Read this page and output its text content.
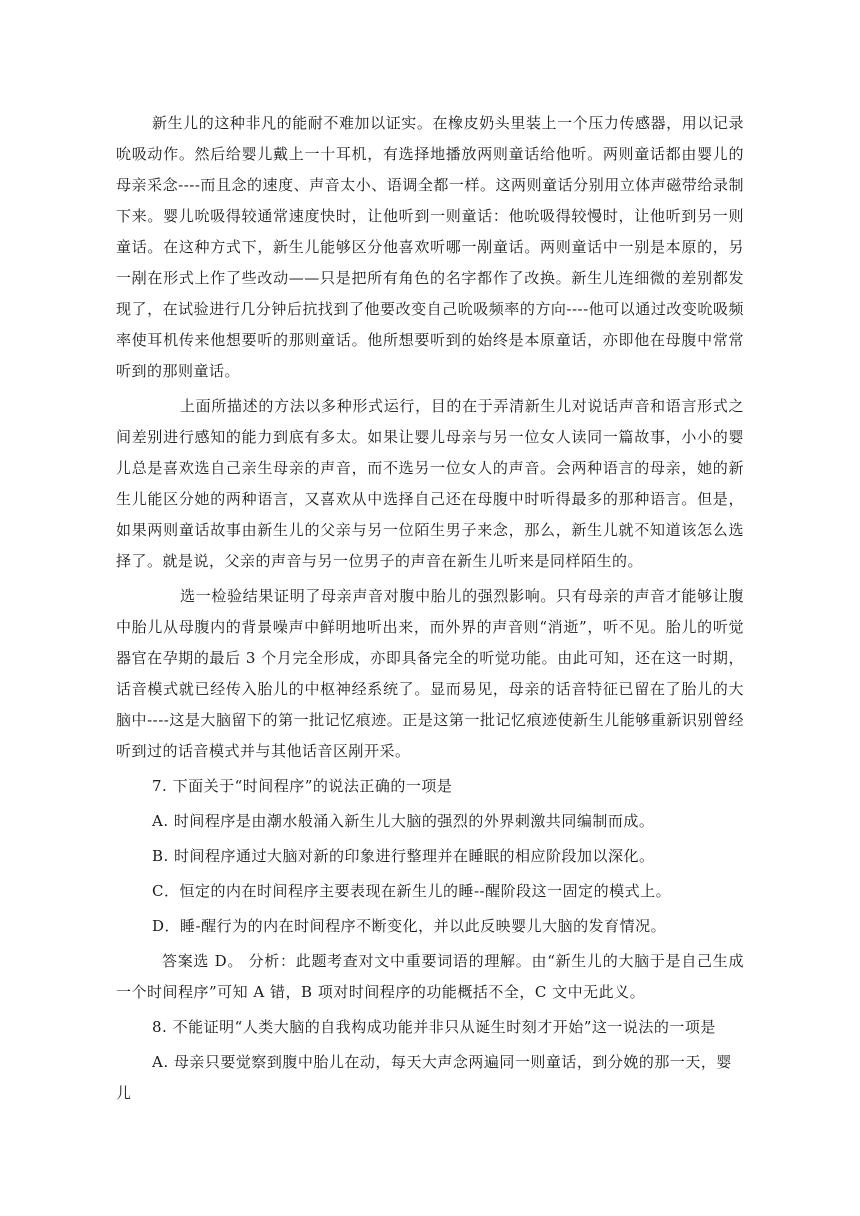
新生儿的这种非凡的能耐不难加以证实。在橡皮奶头里装上一个压力传感器，用以记录吮吸动作。然后给婴儿戴上一十耳机，有选择地播放两则童话给他听。两则童话都由婴儿的母亲采念----而且念的速度、声音太小、语调全都一样。这两则童话分别用立体声磁带给录制下来。婴儿吮吸得较通常速度快时，让他听到一则童话：他吮吸得较慢时，让他听到另一则童话。在这种方式下，新生儿能够区分他喜欢听哪一剐童话。两则童话中一别是本原的，另一剐在形式上作了些改动——只是把所有角色的名字都作了改换。新生儿连细微的差别都发现了，在试验进行几分钟后抗找到了他要改变自己吮吸频率的方向----他可以通过改变吮吸频率使耳机传来他想要听的那则童话。他所想要听到的始终是本原童话，亦即他在母腹中常常听到的那则童话。

上面所描述的方法以多种形式运行，目的在于弄清新生儿对说话声音和语言形式之间差别进行感知的能力到底有多太。如果让婴儿母亲与另一位女人读同一篇故事，小小的婴儿总是喜欢选自己亲生母亲的声音，而不选另一位女人的声音。会两种语言的母亲，她的新生儿能区分她的两种语言，又喜欢从中选择自己还在母腹中时听得最多的那种语言。但是，如果两则童话故事由新生儿的父亲与另一位陌生男子来念，那么，新生儿就不知道该怎么选择了。就是说，父亲的声音与另一位男子的声音在新生儿听来是同样陌生的。

选一检验结果证明了母亲声音对腹中胎儿的强烈影响。只有母亲的声音才能够让腹中胎儿从母腹内的背景噪声中鲜明地听出来，而外界的声音则“消逝”，听不见。胎儿的听觉器官在孕期的最后 3 个月完全形成，亦即具备完全的听觉功能。由此可知，还在这一时期，话音模式就已经传入胎儿的中枢神经系统了。显而易见，母亲的话音特征已留在了胎儿的大脑中----这是大脑留下的第一批记忆痕迹。正是这第一批记忆痕迹使新生儿能够重新识别曾经听到过的话音模式并与其他话音区剐开采。

7. 下面关于“时间程序”的说法正确的一项是

A. 时间程序是由潮水般涌入新生儿大脑的强烈的外界刺激共同编制而成。

B. 时间程序通过大脑对新的印象进行整理并在睡眠的相应阶段加以深化。

C．恒定的内在时间程序主要表现在新生儿的睡--醒阶段这一固定的模式上。

D．睡-醒行为的内在时间程序不断变化，并以此反映婴儿大脑的发育情况。

答案选 D。 分析：此题考查对文中重要词语的理解。由“新生儿的大脑于是自己生成一个时间程序”可知 A 错，B 项对时间程序的功能概括不全，C 文中无此义。

8. 不能证明“人类大脑的自我构成功能并非只从诞生时刻才开始”这一说法的一项是

A. 母亲只要觉察到腹中胎儿在动，每天大声念两遍同一则童话，到分娩的那一天，婴儿
